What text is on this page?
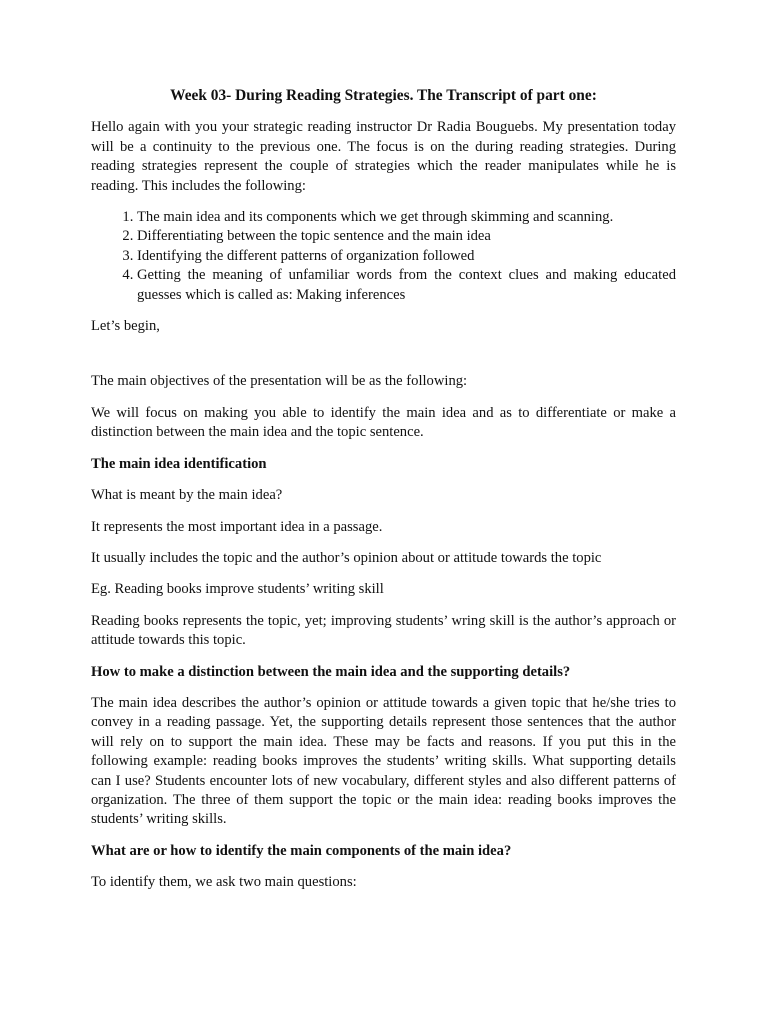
Week 03- During Reading Strategies. The Transcript of part one:

Hello again with you your strategic reading instructor Dr Radia Bouguebs. My presentation today will be a continuity to the previous one. The focus is on the during reading strategies. During reading strategies represent the couple of strategies which the reader manipulates while he is reading. This includes the following:

1. The main idea and its components which we get through skimming and scanning.
2. Differentiating between the topic sentence and the main idea
3. Identifying the different patterns of organization followed
4. Getting the meaning of unfamiliar words from the context clues and making educated guesses which is called as: Making inferences

Let’s begin,

The main objectives of the presentation will be as the following:

We will focus on making you able to identify the main idea and as to differentiate or make a distinction between the main idea and the topic sentence.

The main idea identification

What is meant by the main idea?

It represents the most important idea in a passage.

It usually includes the topic and the author’s opinion about or attitude towards the topic

Eg. Reading books improve students’ writing skill

Reading books represents the topic, yet; improving students’ wring skill is the author’s approach or attitude towards this topic.

How to make a distinction between the main idea and the supporting details?

The main idea describes the author’s opinion or attitude towards a given topic that he/she tries to convey in a reading passage. Yet, the supporting details represent those sentences that the author will rely on to support the main idea. These may be facts and reasons. If you put this in the following example: reading books improves the students’ writing skills. What supporting details can I use? Students encounter lots of new vocabulary, different styles and also different patterns of organization. The three of them support the topic or the main idea: reading books improves the students’ writing skills.

What are or how to identify the main components of the main idea?

To identify them, we ask two main questions:
